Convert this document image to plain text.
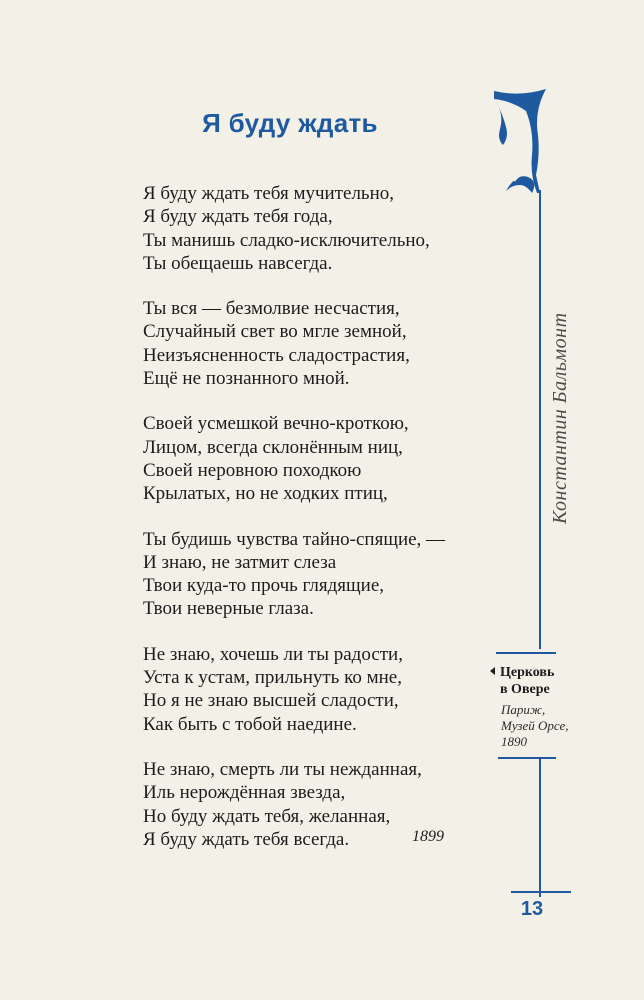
Я буду ждать
Я буду ждать тебя мучительно,
Я буду ждать тебя года,
Ты манишь сладко-исключительно,
Ты обещаешь навсегда.
Ты вся — безмолвие несчастия,
Случайный свет во мгле земной,
Неизъясненность сладострастия,
Ещё не познанного мной.
Своей усмешкой вечно-кроткою,
Лицом, всегда склонённым ниц,
Своей неровною походкою
Крылатых, но не ходких птиц,
Ты будишь чувства тайно-спящие, —
И знаю, не затмит слеза
Твои куда-то прочь глядящие,
Твои неверные глаза.
Не знаю, хочешь ли ты радости,
Уста к устам, прильнуть ко мне,
Но я не знаю высшей сладости,
Как быть с тобой наедине.
Не знаю, смерть ли ты нежданная,
Иль нерождённая звезда,
Но буду ждать тебя, желанная,
Я буду ждать тебя всегда.	1899
Константин Бальмонт
Церковь
в Овере
Париж,
Музей Орсе,
1890
13
